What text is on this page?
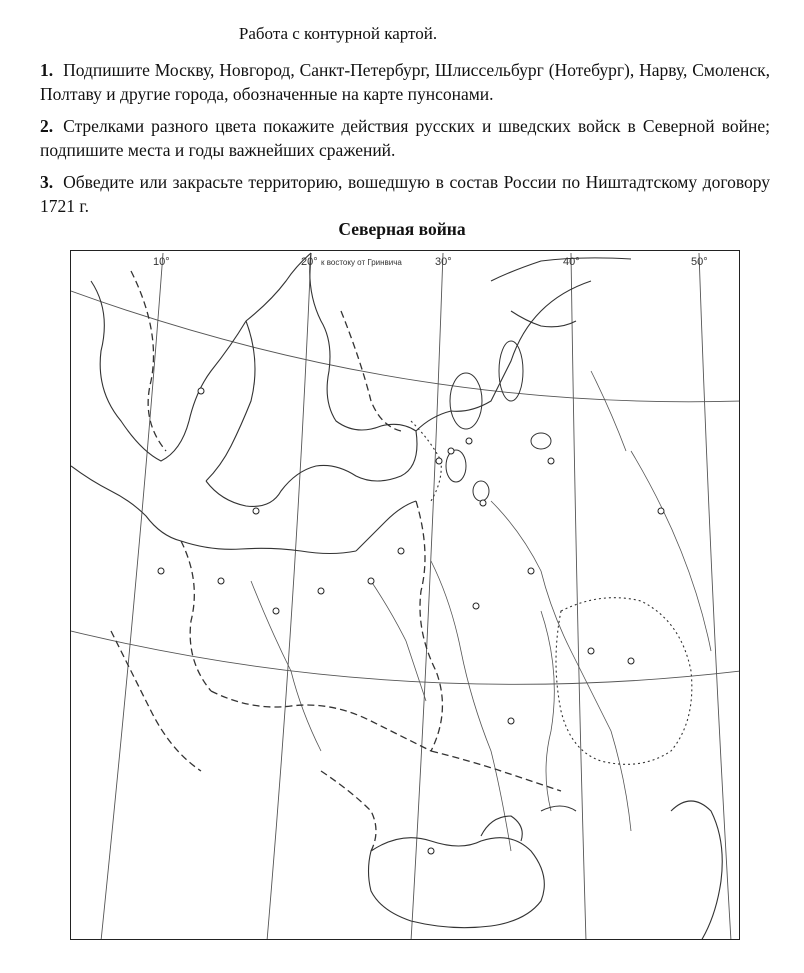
Работа с контурной картой.
1. Подпишите Москву, Новгород, Санкт-Петербург, Шлиссельбург (Нотебург), Нарву, Смоленск, Полтаву и другие города, обозначенные на карте пунсонами.
2. Стрелками разного цвета покажите действия русских и шведских войск в Северной войне; подпишите места и годы важнейших сражений.
3. Обведите или закрасьте территорию, вошедшую в состав России по Ништадтскому договору 1721 г.
Северная война
10°	20° к востоку от Гринвича	30°	40°	50°
